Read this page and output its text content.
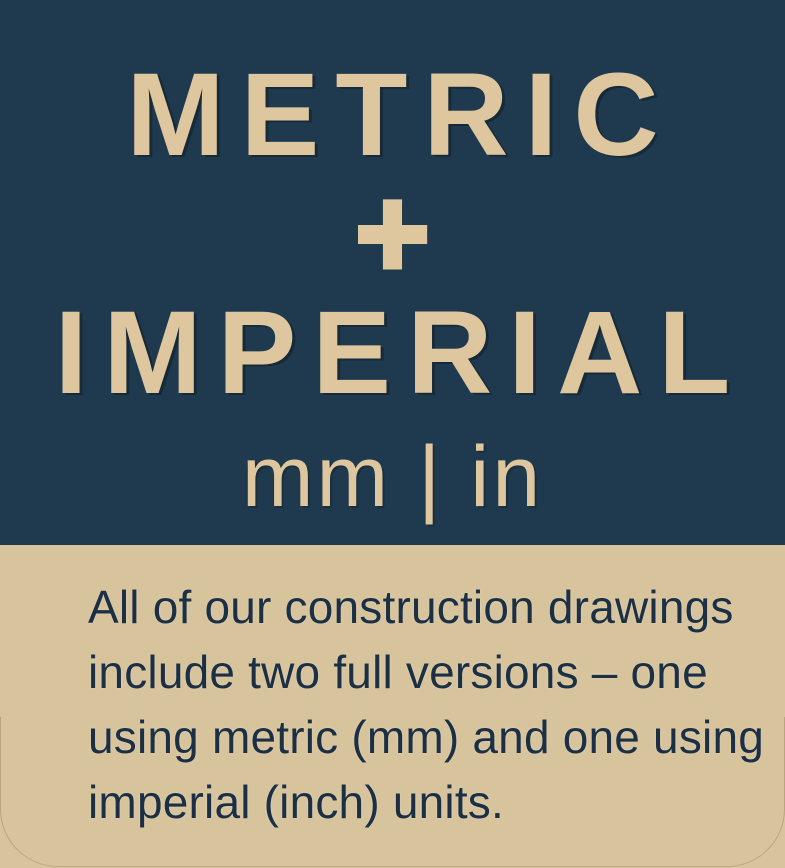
METRIC
+
IMPERIAL
mm | in
All of our construction drawings
include two full versions – one
using metric (mm) and one using
imperial (inch) units.
